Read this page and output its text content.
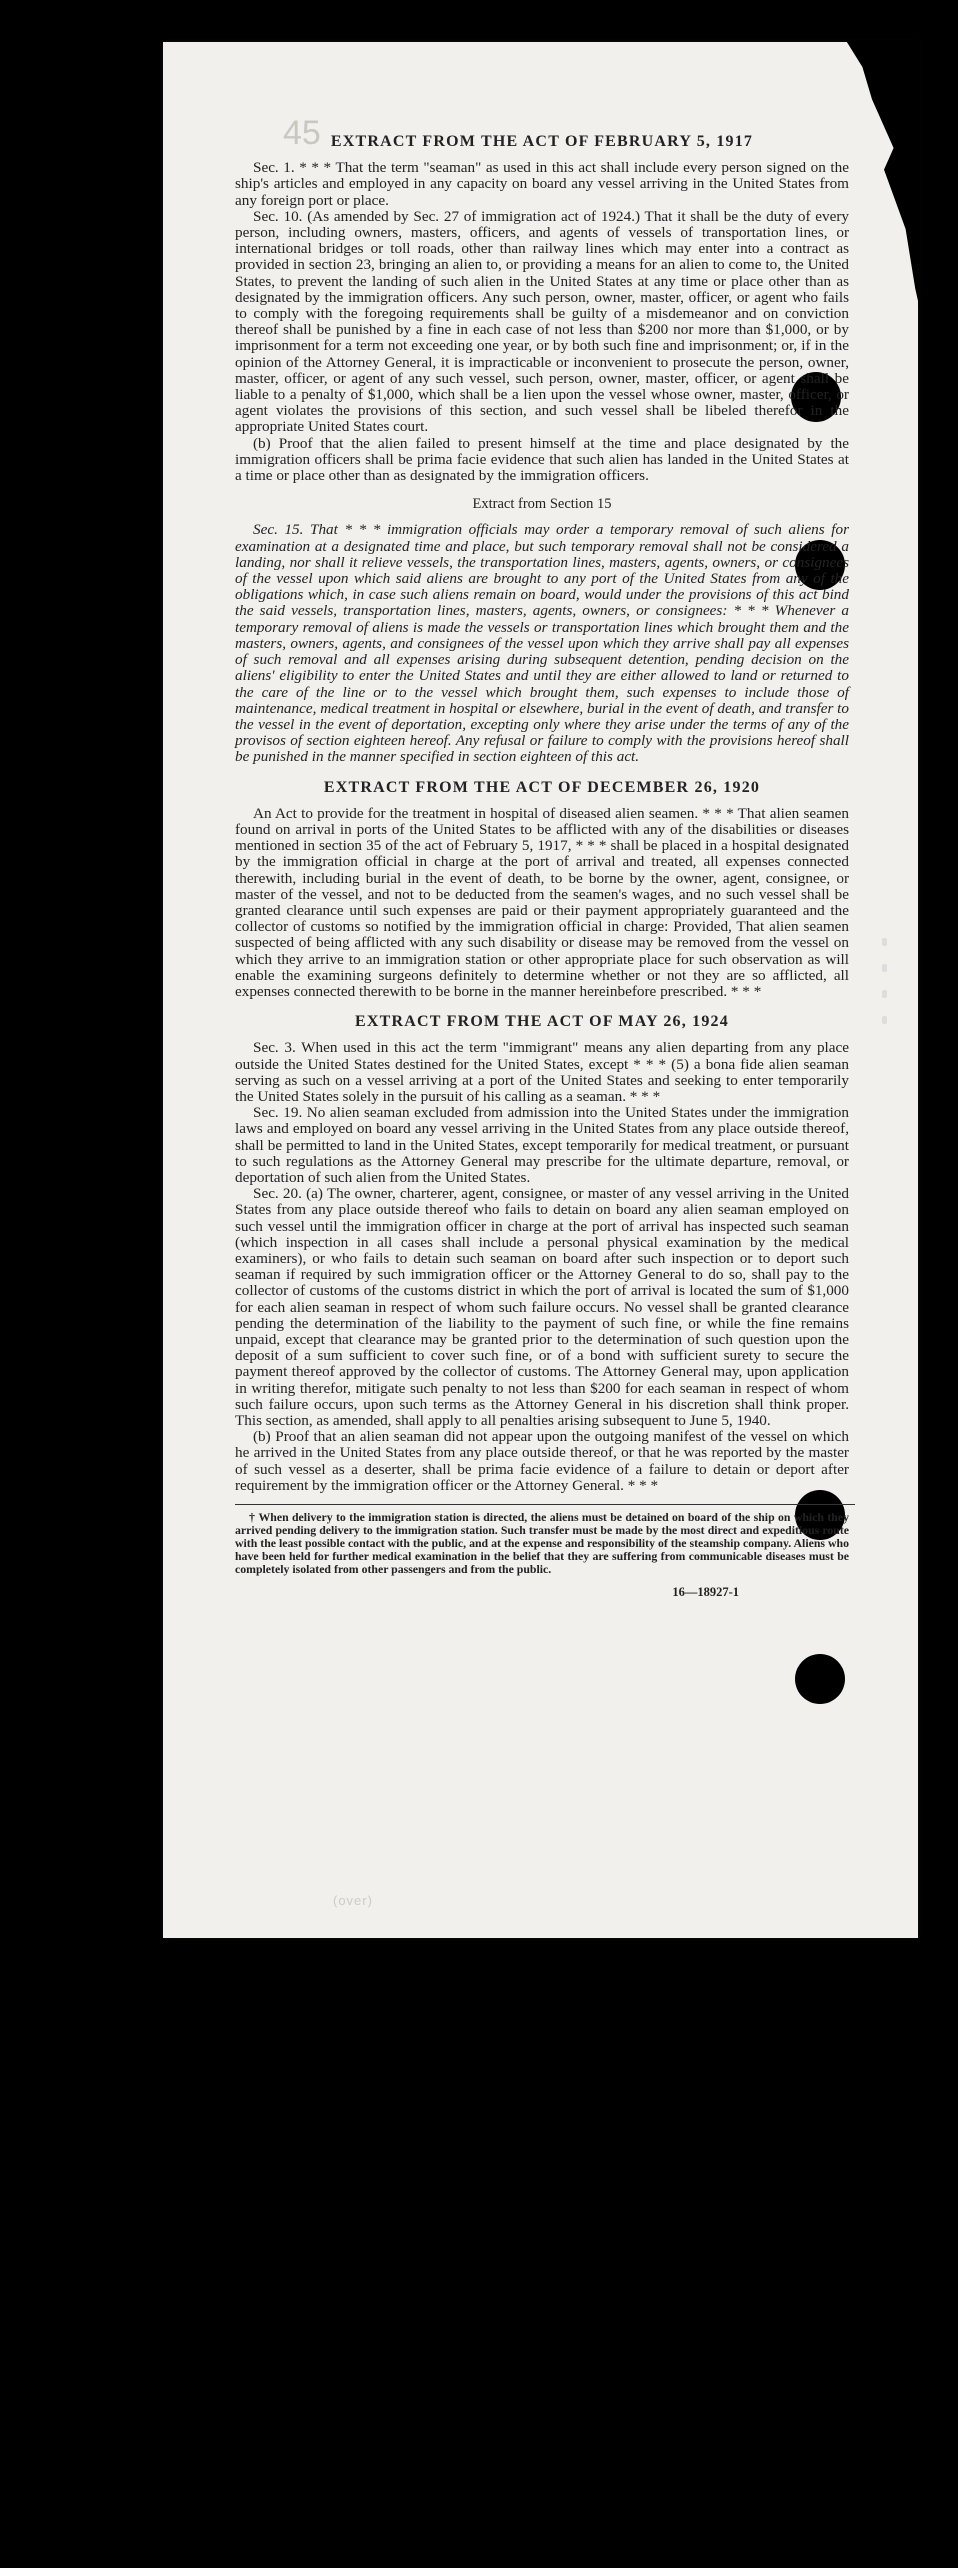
45 EXTRACT FROM THE ACT OF FEBRUARY 5, 1917

Sec. 1. * * * That the term "seaman" as used in this act shall include every person signed on the ship's articles and employed in any capacity on board any vessel arriving in the United States from any foreign port or place.

Sec. 10. (As amended by Sec. 27 of immigration act of 1924.) That it shall be the duty of every person, including owners, masters, officers, and agents of vessels of transportation lines, or international bridges or toll roads, other than railway lines which may enter into a contract as provided in section 23, bringing an alien to, or providing a means for an alien to come to, the United States, to prevent the landing of such alien in the United States at any time or place other than as designated by the immigration officers. Any such person, owner, master, officer, or agent who fails to comply with the foregoing requirements shall be guilty of a misdemeanor and on conviction thereof shall be punished by a fine in each case of not less than $200 nor more than $1,000, or by imprisonment for a term not exceeding one year, or by both such fine and imprisonment; or, if in the opinion of the Attorney General, it is impracticable or inconvenient to prosecute the person, owner, master, officer, or agent of any such vessel, such person, owner, master, officer, or agent shall be liable to a penalty of $1,000, which shall be a lien upon the vessel whose owner, master, officer, or agent violates the provisions of this section, and such vessel shall be libeled therefor in the appropriate United States court.

(b) Proof that the alien failed to present himself at the time and place designated by the immigration officers shall be prima facie evidence that such alien has landed in the United States at a time or place other than as designated by the immigration officers.

Extract from Section 15

Sec. 15. That * * * immigration officials may order a temporary removal of such aliens for examination at a designated time and place, but such temporary removal shall not be considered a landing, nor shall it relieve vessels, the transportation lines, masters, agents, owners, or consignees of the vessel upon which said aliens are brought to any port of the United States from any of the obligations which, in case such aliens remain on board, would under the provisions of this act bind the said vessels, transportation lines, masters, agents, owners, or consignees: * * * Whenever a temporary removal of aliens is made the vessels or transportation lines which brought them and the masters, owners, agents, and consignees of the vessel upon which they arrive shall pay all expenses of such removal and all expenses arising during subsequent detention, pending decision on the aliens' eligibility to enter the United States and until they are either allowed to land or returned to the care of the line or to the vessel which brought them, such expenses to include those of maintenance, medical treatment in hospital or elsewhere, burial in the event of death, and transfer to the vessel in the event of deportation, excepting only where they arise under the terms of any of the provisos of section eighteen hereof. Any refusal or failure to comply with the provisions hereof shall be punished in the manner specified in section eighteen of this act.

EXTRACT FROM THE ACT OF DECEMBER 26, 1920

An Act to provide for the treatment in hospital of diseased alien seamen. * * * That alien seamen found on arrival in ports of the United States to be afflicted with any of the disabilities or diseases mentioned in section 35 of the act of February 5, 1917, * * * shall be placed in a hospital designated by the immigration official in charge at the port of arrival and treated, all expenses connected therewith, including burial in the event of death, to be borne by the owner, agent, consignee, or master of the vessel, and not to be deducted from the seamen's wages, and no such vessel shall be granted clearance until such expenses are paid or their payment appropriately guaranteed and the collector of customs so notified by the immigration official in charge: Provided, That alien seamen suspected of being afflicted with any such disability or disease may be removed from the vessel on which they arrive to an immigration station or other appropriate place for such observation as will enable the examining surgeons definitely to determine whether or not they are so afflicted, all expenses connected therewith to be borne in the manner hereinbefore prescribed. * * *

EXTRACT FROM THE ACT OF MAY 26, 1924

Sec. 3. When used in this act the term "immigrant" means any alien departing from any place outside the United States destined for the United States, except * * * (5) a bona fide alien seaman serving as such on a vessel arriving at a port of the United States and seeking to enter temporarily the United States solely in the pursuit of his calling as a seaman. * * *

Sec. 19. No alien seaman excluded from admission into the United States under the immigration laws and employed on board any vessel arriving in the United States from any place outside thereof, shall be permitted to land in the United States, except temporarily for medical treatment, or pursuant to such regulations as the Attorney General may prescribe for the ultimate departure, removal, or deportation of such alien from the United States.

Sec. 20. (a) The owner, charterer, agent, consignee, or master of any vessel arriving in the United States from any place outside thereof who fails to detain on board any alien seaman employed on such vessel until the immigration officer in charge at the port of arrival has inspected such seaman (which inspection in all cases shall include a personal physical examination by the medical examiners), or who fails to detain such seaman on board after such inspection or to deport such seaman if required by such immigration officer or the Attorney General to do so, shall pay to the collector of customs of the customs district in which the port of arrival is located the sum of $1,000 for each alien seaman in respect of whom such failure occurs. No vessel shall be granted clearance pending the determination of the liability to the payment of such fine, or while the fine remains unpaid, except that clearance may be granted prior to the determination of such question upon the deposit of a sum sufficient to cover such fine, or of a bond with sufficient surety to secure the payment thereof approved by the collector of customs. The Attorney General may, upon application in writing therefor, mitigate such penalty to not less than $200 for each seaman in respect of whom such failure occurs, upon such terms as the Attorney General in his discretion shall think proper. This section, as amended, shall apply to all penalties arising subsequent to June 5, 1940.

(b) Proof that an alien seaman did not appear upon the outgoing manifest of the vessel on which he arrived in the United States from any place outside thereof, or that he was reported by the master of such vessel as a deserter, shall be prima facie evidence of a failure to detain or deport after requirement by the immigration officer or the Attorney General. * * *

† When delivery to the immigration station is directed, the aliens must be detained on board of the ship on which they arrived pending delivery to the immigration station. Such transfer must be made by the most direct and expeditious route with the least possible contact with the public, and at the expense and responsibility of the steamship company. Aliens who have been held for further medical examination in the belief that they are suffering from communicable diseases must be completely isolated from other passengers and from the public.

16—18927-1
(over)
